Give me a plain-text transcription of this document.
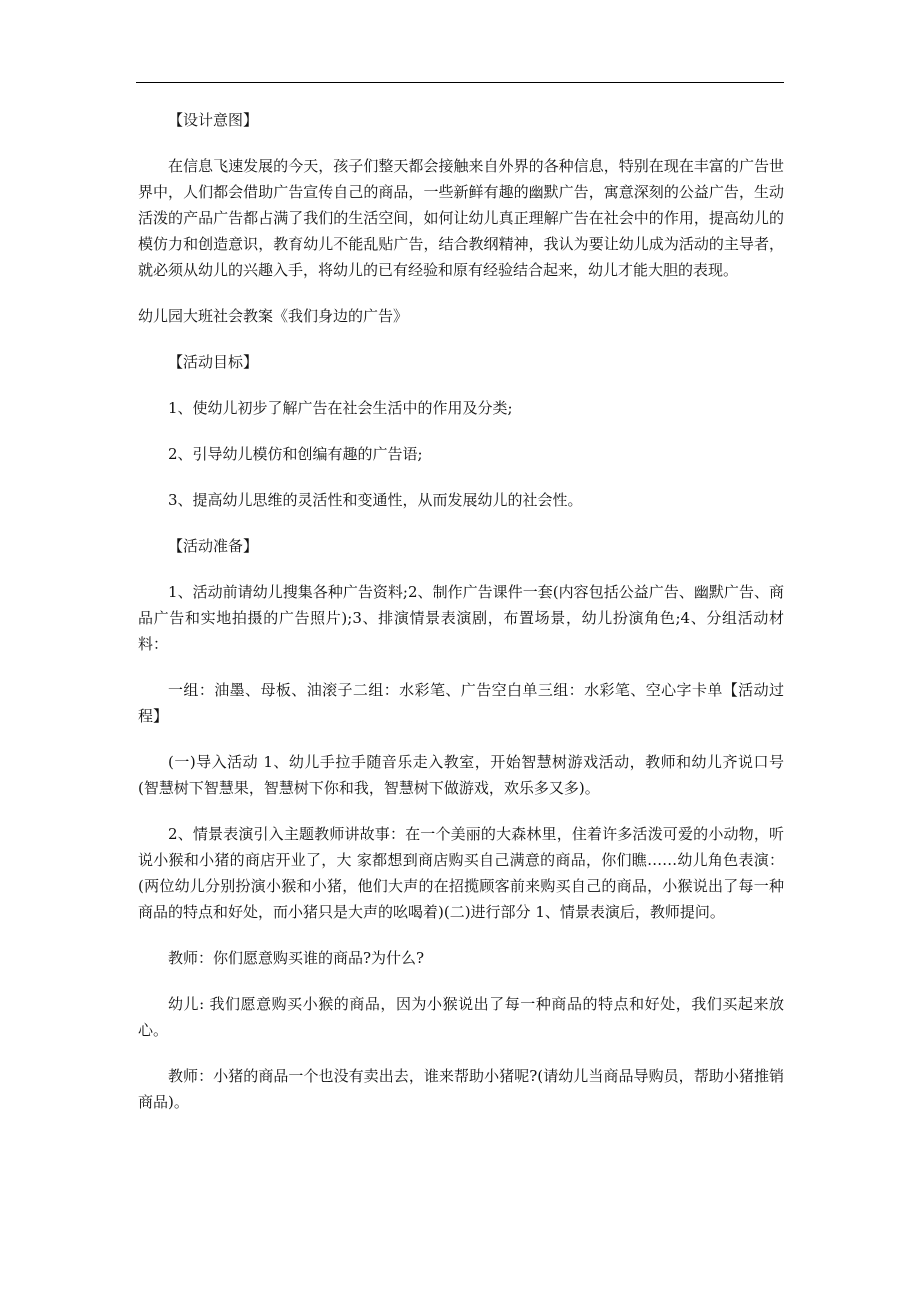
【设计意图】

在信息飞速发展的今天，孩子们整天都会接触来自外界的各种信息，特别在现在丰富的广告世界中，人们都会借助广告宣传自己的商品，一些新鲜有趣的幽默广告，寓意深刻的公益广告，生动活泼的产品广告都占满了我们的生活空间，如何让幼儿真正理解广告在社会中的作用，提高幼儿的模仿力和创造意识，教育幼儿不能乱贴广告，结合教纲精神，我认为要让幼儿成为活动的主导者，就必须从幼儿的兴趣入手，将幼儿的已有经验和原有经验结合起来，幼儿才能大胆的表现。

幼儿园大班社会教案《我们身边的广告》

【活动目标】

1、使幼儿初步了解广告在社会生活中的作用及分类;

2、引导幼儿模仿和创编有趣的广告语;

3、提高幼儿思维的灵活性和变通性，从而发展幼儿的社会性。

【活动准备】

1、活动前请幼儿搜集各种广告资料;2、制作广告课件一套(内容包括公益广告、幽默广告、商品广告和实地拍摄的广告照片);3、排演情景表演剧，布置场景，幼儿扮演角色;4、分组活动材料：

一组：油墨、母板、油滚子二组：水彩笔、广告空白单三组：水彩笔、空心字卡单【活动过程】

(一)导入活动 1、幼儿手拉手随音乐走入教室，开始智慧树游戏活动，教师和幼儿齐说口号(智慧树下智慧果，智慧树下你和我，智慧树下做游戏，欢乐多又多)。

2、情景表演引入主题教师讲故事：在一个美丽的大森林里，住着许多活泼可爱的小动物，听说小猴和小猪的商店开业了，大 家都想到商店购买自己满意的商品，你们瞧……幼儿角色表演：(两位幼儿分别扮演小猴和小猪，他们大声的在招揽顾客前来购买自己的商品，小猴说出了每一种商品的特点和好处，而小猪只是大声的吆喝着)(二)进行部分 1、情景表演后，教师提问。

教师：你们愿意购买谁的商品?为什么?

幼儿: 我们愿意购买小猴的商品，因为小猴说出了每一种商品的特点和好处，我们买起来放心。

教师：小猪的商品一个也没有卖出去，谁来帮助小猪呢?(请幼儿当商品导购员，帮助小猪推销商品)。
